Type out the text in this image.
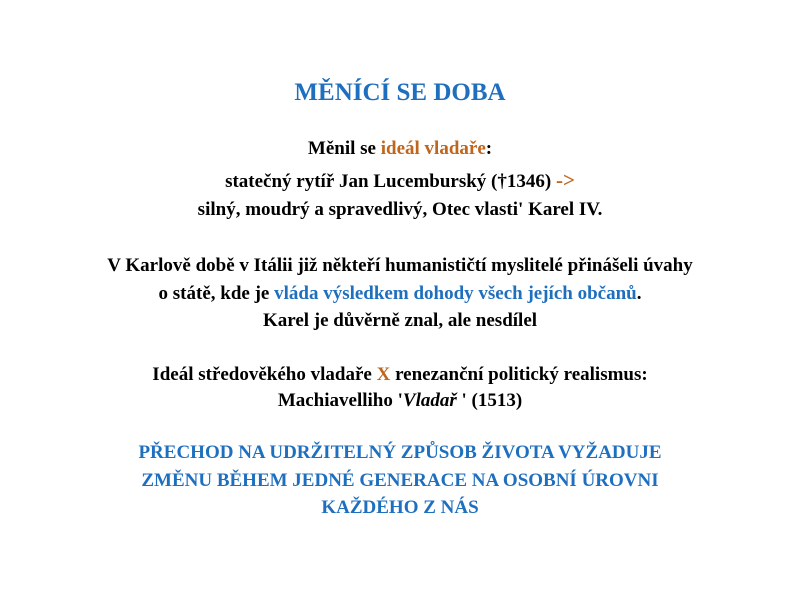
MĚNÍCÍ SE DOBA
Měnil se ideál vladaře:
statečný rytíř Jan Lucemburský (†1346) ->
silný, moudrý a spravedlivý, Otec vlasti' Karel IV.
V Karlově době v Itálii již někteří humanističtí myslitelé přinášeli úvahy
o státě, kde je vláda výsledkem dohody všech jejích občanů.
Karel je důvěrně znal, ale nesdílel
Ideál středověkého vladaře X renezanční politický realismus:
Machiavelliho 'Vladař ' (1513)
PŘECHOD NA UDRŽITELNÝ ZPŮSOB ŽIVOTA VYŽADUJE
ZMĚNU BĚHEM JEDNÉ GENERACE NA OSOBNÍ ÚROVNI
KAŽDÉHO Z NÁS
